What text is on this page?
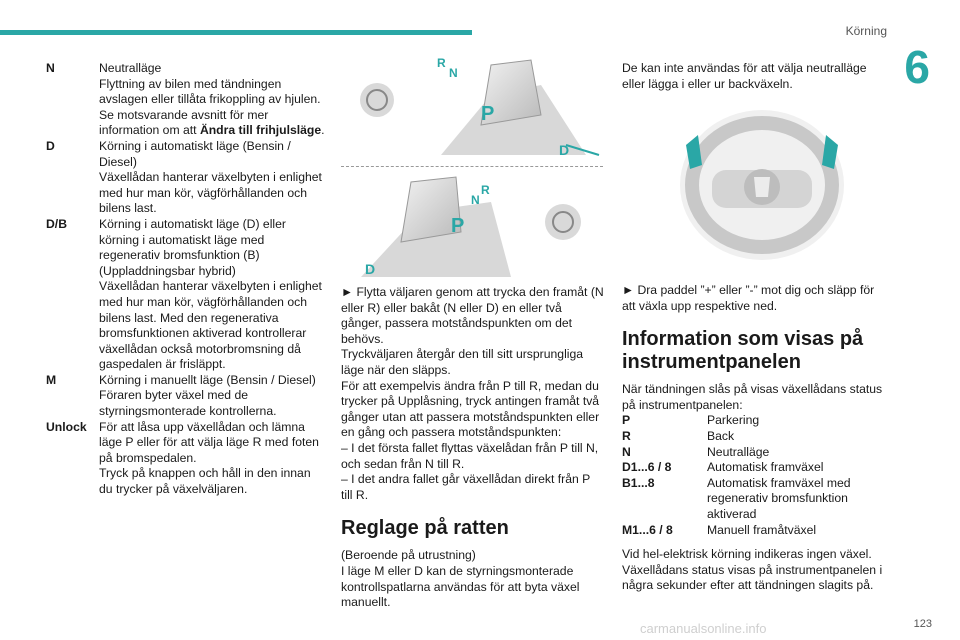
Körning
6
N	Neutralläge
Flyttning av bilen med tändningen avslagen eller tillåta frikoppling av hjulen.
Se motsvarande avsnitt för mer information om att Ändra till frihjulsläge.
D	Körning i automatiskt läge (Bensin / Diesel)
Växellådan hanterar växelbyten i enlighet med hur man kör, vägförhållanden och bilens last.
D/B	Körning i automatiskt läge (D) eller körning i automatiskt läge med regenerativ bromsfunktion (B) (Uppladdningsbar hybrid)
Växellådan hanterar växelbyten i enlighet med hur man kör, vägförhållanden och bilens last. Med den regenerativa bromsfunktionen aktiverad kontrollerar växellådan också motorbromsning då gaspedalen är frisläppt.
M	Körning i manuellt läge (Bensin / Diesel)
Föraren byter växel med de styrningsmonterade kontrollerna.
Unlock	För att låsa upp växellådan och lämna läge P eller för att välja läge R med foten på bromspedalen.
Tryck på knappen och håll in den innan du trycker på växelväljaren.
P
N
R
D
P
R
N
D

► Flytta väljaren genom att trycka den framåt (N eller R) eller bakåt (N eller D) en eller två gånger, passera motståndspunkten om det behövs.

Tryckväljaren återgår den till sitt ursprungliga läge när den släpps.

För att exempelvis ändra från P till R, medan du trycker på Upplåsning, tryck antingen framåt två gånger utan att passera motståndspunkten eller en gång och passera motståndspunkten:

– I det första fallet flyttas växelådan från P till N, och sedan från N till R.

– I det andra fallet går växellådan direkt från P till R.

Reglage på ratten

(Beroende på utrustning)

I läge M eller D kan de styrningsmonterade kontrollspatlarna användas för att byta växel manuellt.

De kan inte användas för att välja neutralläge eller lägga i eller ur backväxeln.

► Dra paddel ”+” eller ”-” mot dig och släpp för att växla upp respektive ned.

Information som visas på instrumentpanelen

När tändningen slås på visas växellådans status på instrumentpanelen:

P	Parkering
R	Back
N	Neutralläge
D1...6 / 8	Automatisk framväxel
B1...8	Automatisk framväxel med regenerativ bromsfunktion aktiverad
M1...6 / 8	Manuell framåtväxel

Vid hel-elektrisk körning indikeras ingen växel.

Växellådans status visas på instrumentpanelen i några sekunder efter att tändningen slagits på.

123
carmanualsonline.info
